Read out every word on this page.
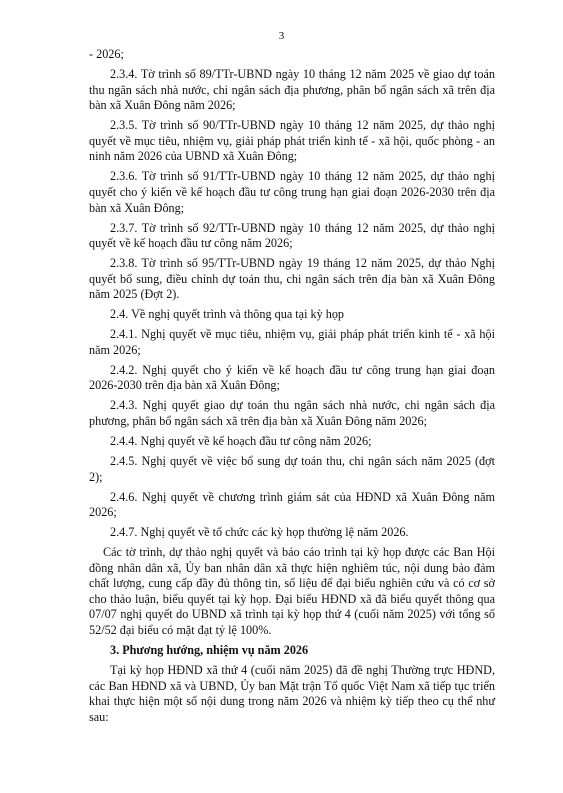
3

- 2026;

2.3.4. Tờ trình số 89/TTr-UBND ngày 10 tháng 12 năm 2025 về giao dự toán thu ngân sách nhà nước, chi ngân sách địa phương, phân bổ ngân sách xã trên địa bàn xã Xuân Đông năm 2026;

2.3.5. Tờ trình số 90/TTr-UBND ngày 10 tháng 12 năm 2025, dự thảo nghị quyết về mục tiêu, nhiệm vụ, giải pháp phát triển kinh tế - xã hội, quốc phòng - an ninh năm 2026 của UBND xã Xuân Đông;

2.3.6. Tờ trình số 91/TTr-UBND ngày 10 tháng 12 năm 2025, dự thảo nghị quyết cho ý kiến về kế hoạch đầu tư công trung hạn giai đoạn 2026-2030 trên địa bàn xã Xuân Đông;

2.3.7. Tờ trình số 92/TTr-UBND ngày 10 tháng 12 năm 2025, dự thảo nghị quyết về kế hoạch đầu tư công năm 2026;

2.3.8. Tờ trình số 95/TTr-UBND ngày 19 tháng 12 năm 2025, dự thảo Nghị quyết bổ sung, điều chỉnh dự toán thu, chi ngân sách trên địa bàn xã Xuân Đông năm 2025 (Đợt 2).

2.4. Về nghị quyết trình và thông qua tại kỳ họp

2.4.1. Nghị quyết về mục tiêu, nhiệm vụ, giải pháp phát triển kinh tế - xã hội năm 2026;

2.4.2. Nghị quyết cho ý kiến về kế hoạch đầu tư công trung hạn giai đoạn 2026-2030 trên địa bàn xã Xuân Đông;

2.4.3. Nghị quyết giao dự toán thu ngân sách nhà nước, chi ngân sách địa phương, phân bổ ngân sách xã trên địa bàn xã Xuân Đông năm 2026;

2.4.4. Nghị quyết về kế hoạch đầu tư công năm 2026;

2.4.5. Nghị quyết về việc bổ sung dự toán thu, chi ngân sách năm 2025 (đợt 2);

2.4.6. Nghị quyết về chương trình giám sát của HĐND xã Xuân Đông năm 2026;

2.4.7. Nghị quyết về tổ chức các kỳ họp thường lệ năm 2026.

Các tờ trình, dự thảo nghị quyết và báo cáo trình tại kỳ họp được các Ban Hội đồng nhân dân xã, Ủy ban nhân dân xã thực hiện nghiêm túc, nội dung bảo đảm chất lượng, cung cấp đầy đủ thông tin, số liệu để đại biểu nghiên cứu và có cơ sở cho thảo luận, biểu quyết tại kỳ họp. Đại biểu HĐND xã đã biểu quyết thông qua 07/07 nghị quyết do UBND xã trình tại kỳ họp thứ 4 (cuối năm 2025) với tổng số 52/52 đại biểu có mặt đạt tỷ lệ 100%.

3. Phương hướng, nhiệm vụ năm 2026

Tại kỳ họp HĐND xã thứ 4 (cuối năm 2025) đã đề nghị Thường trực HĐND, các Ban HĐND xã và UBND, Ủy ban Mặt trận Tổ quốc Việt Nam xã tiếp tục triển khai thực hiện một số nội dung trong năm 2026 và nhiệm kỳ tiếp theo cụ thể như sau:
